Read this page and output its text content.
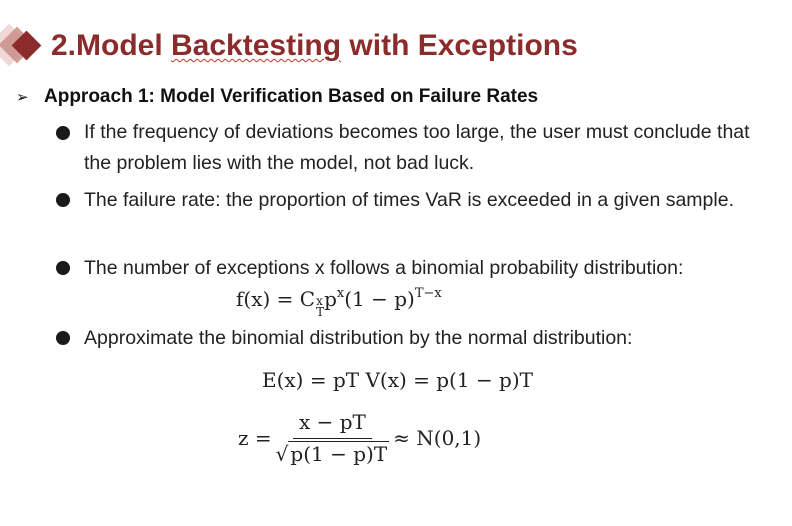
2.Model Backtesting with Exceptions
➢ Approach 1: Model Verification Based on Failure Rates
If the frequency of deviations becomes too large, the user must conclude that the problem lies with the model, not bad luck.
The failure rate: the proportion of times VaR is exceeded in a given sample.
The number of exceptions x follows a binomial probability distribution:
f(x) = C x
T
$p^x(1 - p)^{T-x}$
Approximate the binomial distribution by the normal distribution:
E(x) = pT V(x) = p(1 − p)T
$z = \frac{x - pT}{√ p(1 - p)T} \approx N(0,1)$
